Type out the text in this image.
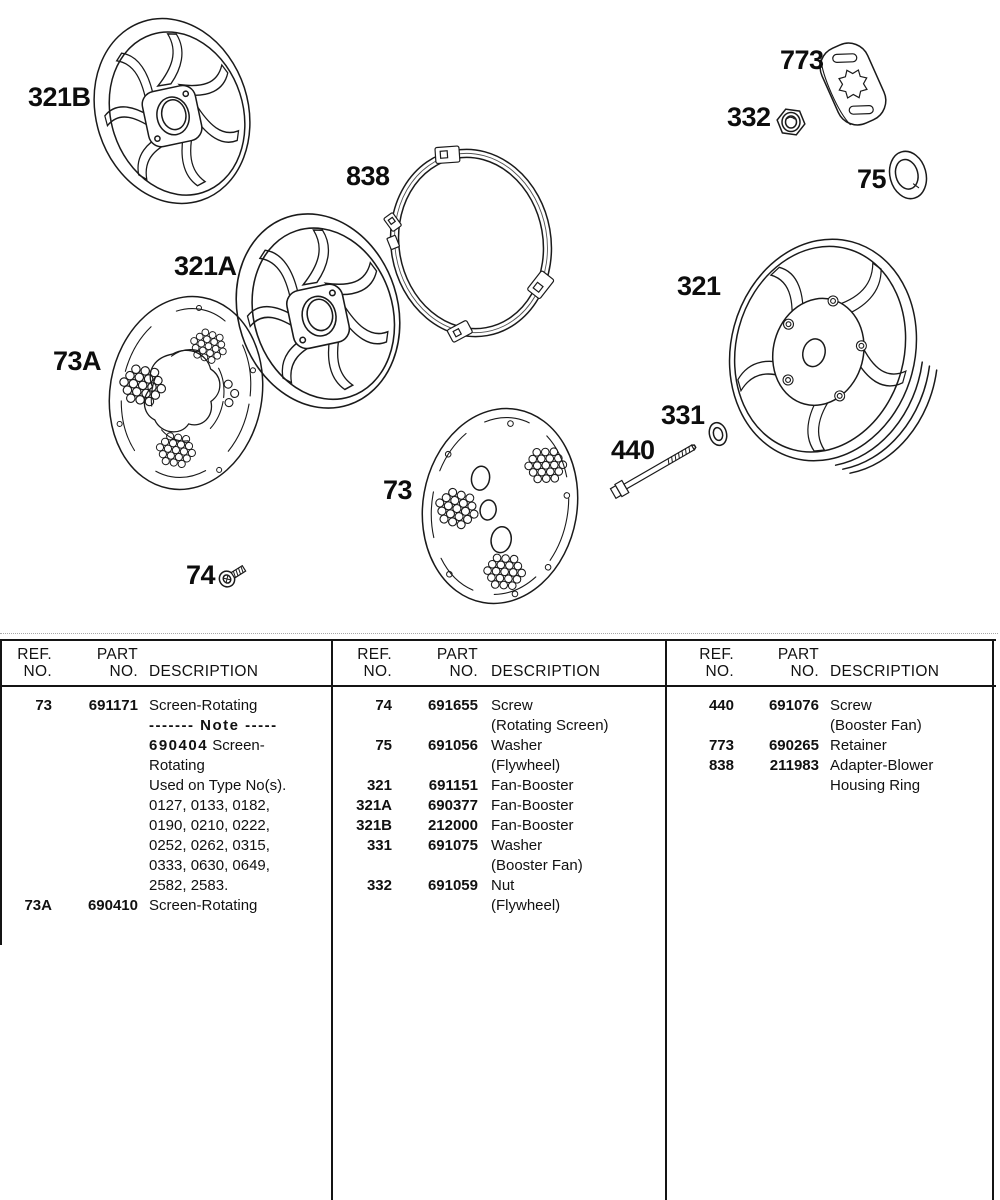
321B
321A
73A
838
73
74
773
332
75
321
331
440
REF.	PART
NO.	NO. DESCRIPTION
73	691171 Screen-Rotating
------- Note -----
690404 Screen-
Rotating
Used on Type No(s).
0127, 0133, 0182,
0190, 0210, 0222,
0252, 0262, 0315,
0333, 0630, 0649,
2582, 2583.
73A	690410 Screen-Rotating
REF.	PART
NO.	NO. DESCRIPTION
74	691655 Screw
(Rotating Screen)
75	691056 Washer
(Flywheel)
321	691151 Fan-Booster
321A	690377 Fan-Booster
321B	212000 Fan-Booster
331	691075 Washer
(Booster Fan)
332	691059 Nut
(Flywheel)
REF.	PART
NO.	NO. DESCRIPTION
440	691076 Screw
(Booster Fan)
773	690265 Retainer
838	211983 Adapter-Blower
Housing Ring
